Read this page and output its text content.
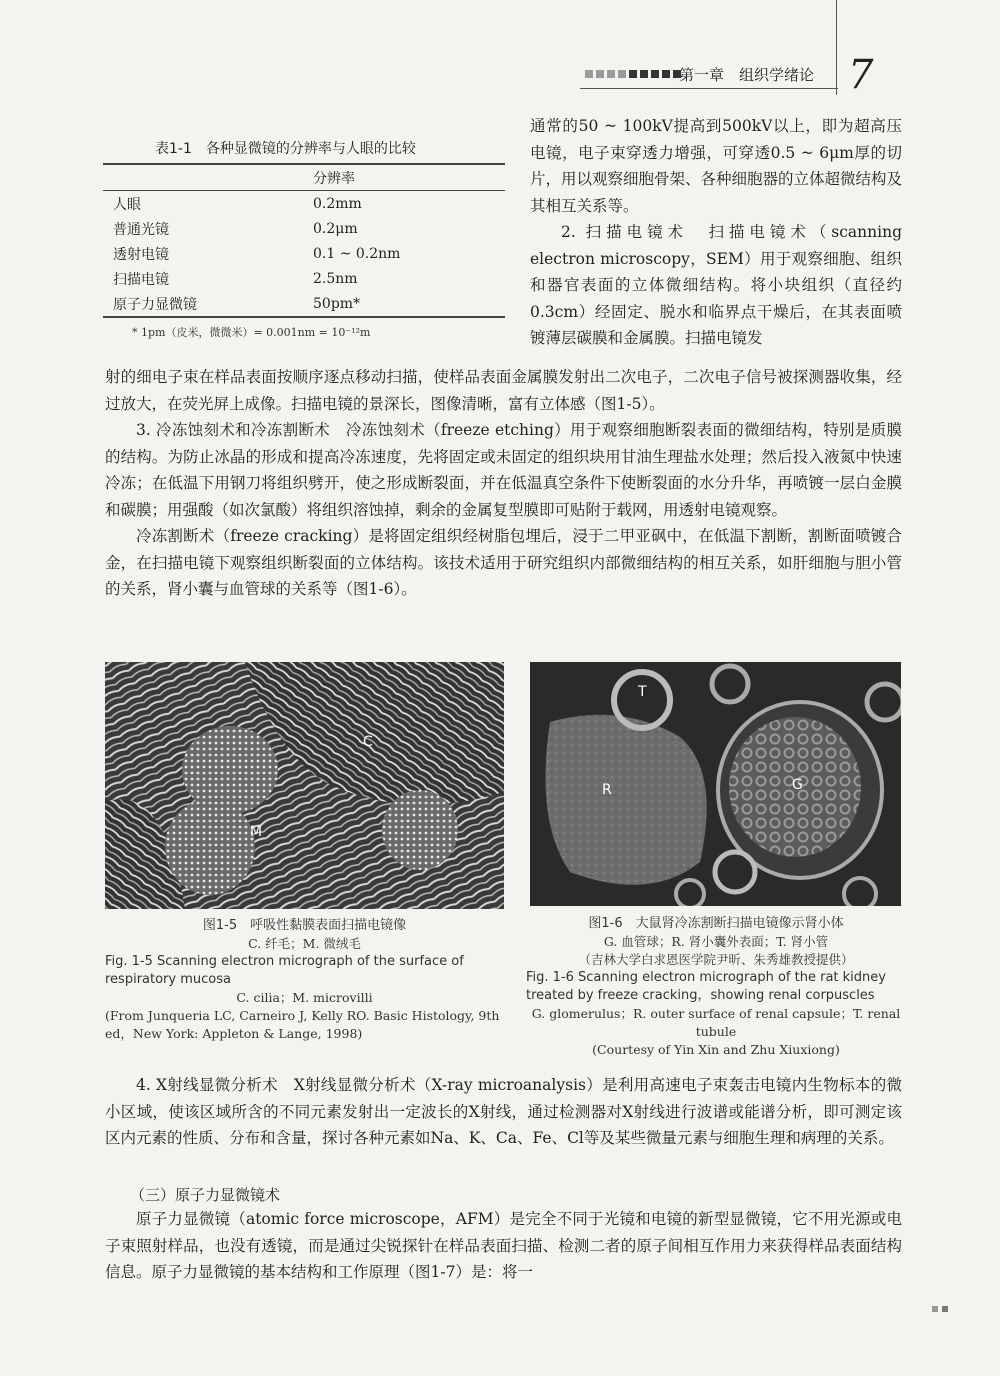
第一章　组织学绪论 7
表1-1　各种显微镜的分辨率与人眼的比较
分辨率
人眼	0.2mm
普通光镜	0.2μm
透射电镜	0.1 ~ 0.2nm
扫描电镜	2.5nm
原子力显微镜	50pm*
* 1pm（皮米，微微米）= 0.001nm = 10⁻¹²m

通常的50 ~ 100kV提高到500kV以上，即为超高压电镜，电子束穿透力增强，可穿透0.5 ~ 6μm厚的切片，用以观察细胞骨架、各种细胞器的立体超微结构及其相互关系等。

2. 扫描电镜术　扫描电镜术（scanning electron microscopy，SEM）用于观察细胞、组织和器官表面的立体微细结构。将小块组织（直径约0.3cm）经固定、脱水和临界点干燥后，在其表面喷镀薄层碳膜和金属膜。扫描电镜发

射的细电子束在样品表面按顺序逐点移动扫描，使样品表面金属膜发射出二次电子，二次电子信号被探测器收集，经过放大，在荧光屏上成像。扫描电镜的景深长，图像清晰，富有立体感（图1-5）。

3. 冷冻蚀刻术和冷冻割断术　冷冻蚀刻术（freeze etching）用于观察细胞断裂表面的微细结构，特别是质膜的结构。为防止冰晶的形成和提高冷冻速度，先将固定或未固定的组织块用甘油生理盐水处理；然后投入液氮中快速冷冻；在低温下用钢刀将组织劈开，使之形成断裂面，并在低温真空条件下使断裂面的水分升华，再喷镀一层白金膜和碳膜；用强酸（如次氯酸）将组织溶蚀掉，剩余的金属复型膜即可贴附于载网，用透射电镜观察。

冷冻割断术（freeze cracking）是将固定组织经树脂包埋后，浸于二甲亚砜中，在低温下割断，割断面喷镀合金，在扫描电镜下观察组织断裂面的立体结构。该技术适用于研究组织内部微细结构的相互关系，如肝细胞与胆小管的关系，肾小囊与血管球的关系等（图1-6）。

C
M
图1-5　呼吸性黏膜表面扫描电镜像
C. 纤毛；M. 微绒毛
Fig. 1-5 Scanning electron micrograph of the surface of respiratory mucosa
C. cilia；M. microvilli
(From Junqueria LC, Carneiro J, Kelly RO. Basic Histology, 9th ed，New York: Appleton & Lange, 1998)
T
R	G
图1-6　大鼠肾冷冻割断扫描电镜像示肾小体
G. 血管球；R. 肾小囊外表面；T. 肾小管
（吉林大学白求恩医学院尹昕、朱秀雄教授提供）
Fig. 1-6 Scanning electron micrograph of the rat kidney treated by freeze cracking，showing renal corpuscles
G. glomerulus；R. outer surface of renal capsule；T. renal tubule
(Courtesy of Yin Xin and Zhu Xiuxiong)

4. X射线显微分析术　X射线显微分析术（X-ray microanalysis）是利用高速电子束轰击电镜内生物标本的微小区域，使该区域所含的不同元素发射出一定波长的X射线，通过检测器对X射线进行波谱或能谱分析，即可测定该区内元素的性质、分布和含量，探讨各种元素如Na、K、Ca、Fe、Cl等及某些微量元素与细胞生理和病理的关系。

（三）原子力显微镜术

原子力显微镜（atomic force microscope，AFM）是完全不同于光镜和电镜的新型显微镜，它不用光源或电子束照射样品，也没有透镜，而是通过尖锐探针在样品表面扫描、检测二者的原子间相互作用力来获得样品表面结构信息。原子力显微镜的基本结构和工作原理（图1-7）是：将一
